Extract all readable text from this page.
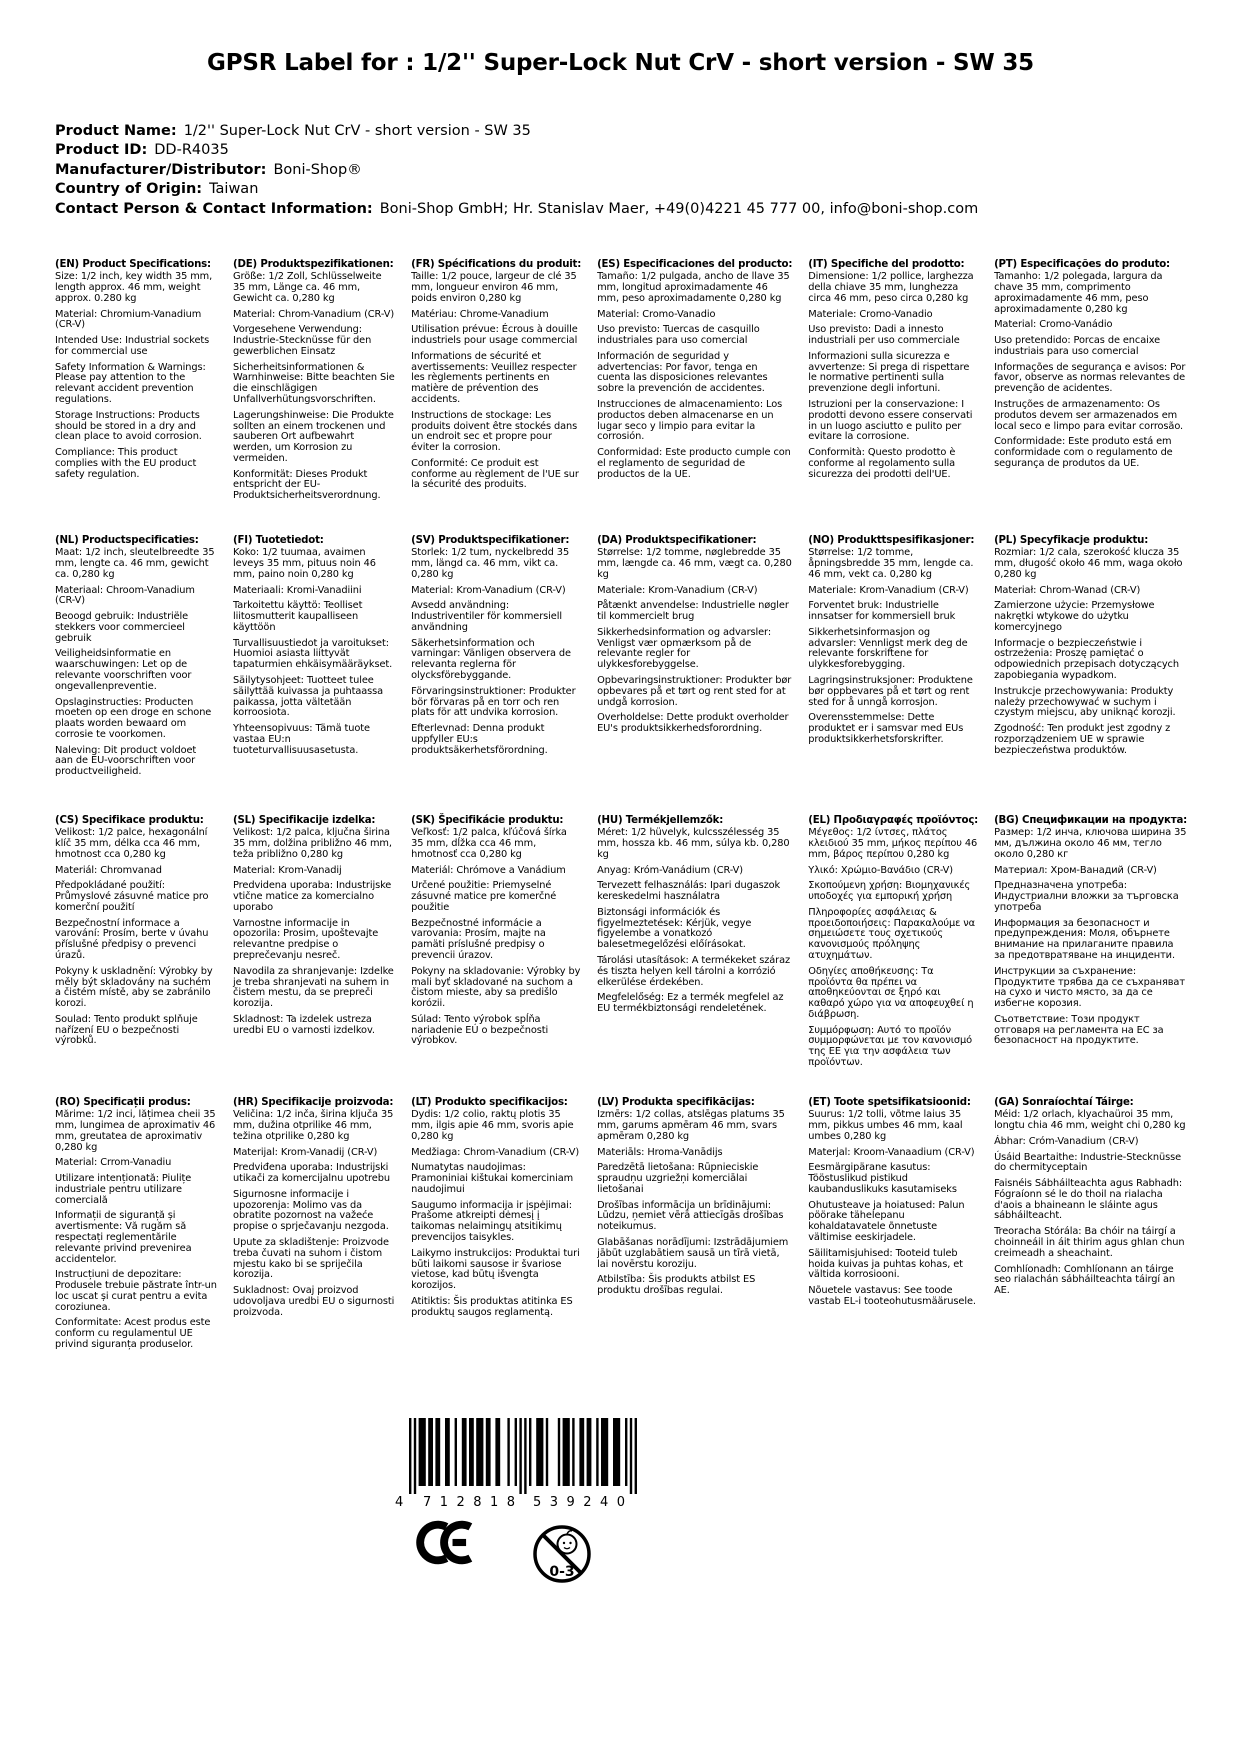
GPSR Label for : 1/2'' Super-Lock Nut CrV - short version - SW 35
Product Name: 1/2'' Super-Lock Nut CrV - short version - SW 35
Product ID: DD-R4035
Manufacturer/Distributor: Boni-Shop®
Country of Origin: Taiwan
Contact Person & Contact Information: Boni-Shop GmbH; Hr. Stanislav Maer, +49(0)4221 45 777 00, info@boni-shop.com
(EN) Product Specifications:
Size: 1/2 inch, key width 35 mm, length approx. 46 mm, weight approx. 0.280 kg
Material: Chromium-Vanadium (CR-V)
Intended Use: Industrial sockets for commercial use
Safety Information & Warnings: Please pay attention to the relevant accident prevention regulations.
Storage Instructions: Products should be stored in a dry and clean place to avoid corrosion.
Compliance: This product complies with the EU product safety regulation.
(DE) Produktspezifikationen:
Größe: 1/2 Zoll, Schlüsselweite 35 mm, Länge ca. 46 mm, Gewicht ca. 0,280 kg
Material: Chrom-Vanadium (CR-V)
Vorgesehene Verwendung: Industrie-Stecknüsse für den gewerblichen Einsatz
Sicherheitsinformationen & Warnhinweise: Bitte beachten Sie die einschlägigen Unfallverhütungsvorschriften.
Lagerungshinweise: Die Produkte sollten an einem trockenen und sauberen Ort aufbewahrt werden, um Korrosion zu vermeiden.
Konformität: Dieses Produkt entspricht der EU-Produktsicherheitsverordnung.
(FR) Spécifications du produit:
Taille: 1/2 pouce, largeur de clé 35 mm, longueur environ 46 mm, poids environ 0,280 kg
Matériau: Chrome-Vanadium
Utilisation prévue: Écrous à douille industriels pour usage commercial
Informations de sécurité et avertissements: Veuillez respecter les règlements pertinents en matière de prévention des accidents.
Instructions de stockage: Les produits doivent être stockés dans un endroit sec et propre pour éviter la corrosion.
Conformité: Ce produit est conforme au règlement de l'UE sur la sécurité des produits.
(ES) Especificaciones del producto:
Tamaño: 1/2 pulgada, ancho de llave 35 mm, longitud aproximadamente 46 mm, peso aproximadamente 0,280 kg
Material: Cromo-Vanadio
Uso previsto: Tuercas de casquillo industriales para uso comercial
Información de seguridad y advertencias: Por favor, tenga en cuenta las disposiciones relevantes sobre la prevención de accidentes.
Instrucciones de almacenamiento: Los productos deben almacenarse en un lugar seco y limpio para evitar la corrosión.
Conformidad: Este producto cumple con el reglamento de seguridad de productos de la UE.
(IT) Specifiche del prodotto:
Dimensione: 1/2 pollice, larghezza della chiave 35 mm, lunghezza circa 46 mm, peso circa 0,280 kg
Materiale: Cromo-Vanadio
Uso previsto: Dadi a innesto industriali per uso commerciale
Informazioni sulla sicurezza e avvertenze: Si prega di rispettare le normative pertinenti sulla prevenzione degli infortuni.
Istruzioni per la conservazione: I prodotti devono essere conservati in un luogo asciutto e pulito per evitare la corrosione.
Conformità: Questo prodotto è conforme al regolamento sulla sicurezza dei prodotti dell'UE.
(PT) Especificações do produto:
Tamanho: 1/2 polegada, largura da chave 35 mm, comprimento aproximadamente 46 mm, peso aproximadamente 0,280 kg
Material: Cromo-Vanádio
Uso pretendido: Porcas de encaixe industriais para uso comercial
Informações de segurança e avisos: Por favor, observe as normas relevantes de prevenção de acidentes.
Instruções de armazenamento: Os produtos devem ser armazenados em local seco e limpo para evitar corrosão.
Conformidade: Este produto está em conformidade com o regulamento de segurança de produtos da UE.
(NL) Productspecificaties:
Maat: 1/2 inch, sleutelbreedte 35 mm, lengte ca. 46 mm, gewicht ca. 0,280 kg
Materiaal: Chroom-Vanadium (CR-V)
Beoogd gebruik: Industriële stekkers voor commercieel gebruik
Veiligheidsinformatie en waarschuwingen: Let op de relevante voorschriften voor ongevallenpreventie.
Opslaginstructies: Producten moeten op een droge en schone plaats worden bewaard om corrosie te voorkomen.
Naleving: Dit product voldoet aan de EU-voorschriften voor productveiligheid.
(FI) Tuotetiedot:
Koko: 1/2 tuumaa, avaimen leveys 35 mm, pituus noin 46 mm, paino noin 0,280 kg
Materiaali: Kromi-Vanadiini
Tarkoitettu käyttö: Teolliset liitosmutterit kaupalliseen käyttöön
Turvallisuustiedot ja varoitukset: Huomioi asiasta liittyvät tapaturmien ehkäisymääräykset.
Säilytysohjeet: Tuotteet tulee säilyttää kuivassa ja puhtaassa paikassa, jotta vältetään korroosiota.
Yhteensopivuus: Tämä tuote vastaa EU:n tuoteturvallisuusasetusta.
(SV) Produktspecifikationer:
Storlek: 1/2 tum, nyckelbredd 35 mm, längd ca. 46 mm, vikt ca. 0,280 kg
Material: Krom-Vanadium (CR-V)
Avsedd användning: Industriventiler för kommersiell användning
Säkerhetsinformation och varningar: Vänligen observera de relevanta reglerna för olycksförebyggande.
Förvaringsinstruktioner: Produkter bör förvaras på en torr och ren plats för att undvika korrosion.
Efterlevnad: Denna produkt uppfyller EU:s produktsäkerhetsförordning.
(DA) Produktspecifikationer:
Størrelse: 1/2 tomme, nøglebredde 35 mm, længde ca. 46 mm, vægt ca. 0,280 kg
Materiale: Krom-Vanadium (CR-V)
Påtænkt anvendelse: Industrielle nøgler til kommercielt brug
Sikkerhedsinformation og advarsler: Venligst vær opmærksom på de relevante regler for ulykkesforebyggelse.
Opbevaringsinstruktioner: Produkter bør opbevares på et tørt og rent sted for at undgå korrosion.
Overholdelse: Dette produkt overholder EU's produktsikkerhedsforordning.
(NO) Produkttspesifikasjoner:
Størrelse: 1/2 tomme, åpningsbredde 35 mm, lengde ca. 46 mm, vekt ca. 0,280 kg
Materiale: Krom-Vanadium (CR-V)
Forventet bruk: Industrielle innsatser for kommersiell bruk
Sikkerhetsinformasjon og advarsler: Vennligst merk deg de relevante forskriftene for ulykkesforebygging.
Lagringsinstruksjoner: Produktene bør oppbevares på et tørt og rent sted for å unngå korrosjon.
Overensstemmelse: Dette produktet er i samsvar med EUs produktsikkerhetsforskrifter.
(PL) Specyfikacje produktu:
Rozmiar: 1/2 cala, szerokość klucza 35 mm, długość około 46 mm, waga około 0,280 kg
Materiał: Chrom-Wanad (CR-V)
Zamierzone użycie: Przemysłowe nakrętki wtykowe do użytku komercyjnego
Informacje o bezpieczeństwie i ostrzeżenia: Proszę pamiętać o odpowiednich przepisach dotyczących zapobiegania wypadkom.
Instrukcje przechowywania: Produkty należy przechowywać w suchym i czystym miejscu, aby uniknąć korozji.
Zgodność: Ten produkt jest zgodny z rozporządzeniem UE w sprawie bezpieczeństwa produktów.
(CS) Specifikace produktu:
Velikost: 1/2 palce, hexagonální klíč 35 mm, délka cca 46 mm, hmotnost cca 0,280 kg
Materiál: Chromvanad
Předpokládané použití: Průmyslové zásuvné matice pro komerční použití
Bezpečnostní informace a varování: Prosím, berte v úvahu příslušné předpisy o prevenci úrazů.
Pokyny k uskladnění: Výrobky by měly být skladovány na suchém a čistém místě, aby se zabránilo korozi.
Soulad: Tento produkt splňuje nařízení EU o bezpečnosti výrobků.
(SL) Specifikacije izdelka:
Velikost: 1/2 palca, ključna širina 35 mm, dolžina približno 46 mm, teža približno 0,280 kg
Material: Krom-Vanadij
Predvidena uporaba: Industrijske vtične matice za komercialno uporabo
Varnostne informacije in opozorila: Prosim, upoštevajte relevantne predpise o preprečevanju nesreč.
Navodila za shranjevanje: Izdelke je treba shranjevati na suhem in čistem mestu, da se prepreči korozija.
Skladnost: Ta izdelek ustreza uredbi EU o varnosti izdelkov.
(SK) Špecifikácie produktu:
Veľkosť: 1/2 palca, kľúčová šírka 35 mm, dĺžka cca 46 mm, hmotnosť cca 0,280 kg
Materiál: Chrómove a Vanádium
Určené použitie: Priemyselné zásuvné matice pre komerčné použitie
Bezpečnostné informácie a varovania: Prosím, majte na pamäti príslušné predpisy o prevencii úrazov.
Pokyny na skladovanie: Výrobky by mali byť skladované na suchom a čistom mieste, aby sa predišlo korózii.
Súlad: Tento výrobok spĺňa nariadenie EÚ o bezpečnosti výrobkov.
(HU) Termékjellemzők:
Méret: 1/2 hüvelyk, kulcsszélesség 35 mm, hossza kb. 46 mm, súlya kb. 0,280 kg
Anyag: Króm-Vanádium (CR-V)
Tervezett felhasználás: Ipari dugaszok kereskedelmi használatra
Biztonsági információk és figyelmeztetések: Kérjük, vegye figyelembe a vonatkozó balesetmegelőzési előírásokat.
Tárolási utasítások: A termékeket száraz és tiszta helyen kell tárolni a korrózió elkerülése érdekében.
Megfelelőség: Ez a termék megfelel az EU termékbiztonsági rendeletének.
(EL) Προδιαγραφές προϊόντος:
Μέγεθος: 1/2 ίντσες, πλάτος κλειδιού 35 mm, μήκος περίπου 46 mm, βάρος περίπου 0,280 kg
Υλικό: Χρώμιο-Βανάδιο (CR-V)
Σκοπούμενη χρήση: Βιομηχανικές υποδοχές για εμπορική χρήση
Πληροφορίες ασφάλειας & προειδοποιήσεις: Παρακαλούμε να σημειώσετε τους σχετικούς κανονισμούς πρόληψης ατυχημάτων.
Οδηγίες αποθήκευσης: Τα προϊόντα θα πρέπει να αποθηκεύονται σε ξηρό και καθαρό χώρο για να αποφευχθεί η διάβρωση.
Συμμόρφωση: Αυτό το προϊόν συμμορφώνεται με τον κανονισμό της ΕΕ για την ασφάλεια των προϊόντων.
(BG) Спецификации на продукта:
Размер: 1/2 инча, ключова ширина 35 мм, дължина около 46 мм, тегло около 0,280 кг
Материал: Хром-Ванадий (CR-V)
Предназначена употреба: Индустриални вложки за търговска употреба
Информация за безопасност и предупреждения: Моля, обърнете внимание на прилаганите правила за предотвратяване на инциденти.
Инструкции за съхранение: Продуктите трябва да се съхраняват на сухо и чисто място, за да се избегне корозия.
Съответствие: Този продукт отговаря на регламента на ЕС за безопасност на продуктите.
(RO) Specificații produs:
Mărime: 1/2 inci, lățimea cheii 35 mm, lungimea de aproximativ 46 mm, greutatea de aproximativ 0,280 kg
Material: Crrom-Vanadiu
Utilizare intenționată: Piulițe industriale pentru utilizare comercială
Informații de siguranță și avertismente: Vă rugăm să respectați reglementările relevante privind prevenirea accidentelor.
Instrucțiuni de depozitare: Produsele trebuie păstrate într-un loc uscat și curat pentru a evita coroziunea.
Conformitate: Acest produs este conform cu regulamentul UE privind siguranța produselor.
(HR) Specifikacije proizvoda:
Veličina: 1/2 inča, širina ključa 35 mm, dužina otprilike 46 mm, težina otprilike 0,280 kg
Materijal: Krom-Vanadij (CR-V)
Predviđena uporaba: Industrijski utikači za komercijalnu upotrebu
Sigurnosne informacije i upozorenja: Molimo vas da obratite pozornost na važeće propise o sprječavanju nezgoda.
Upute za skladištenje: Proizvode treba čuvati na suhom i čistom mjestu kako bi se spriječila korozija.
Sukladnost: Ovaj proizvod udovoljava uredbi EU o sigurnosti proizvoda.
(LT) Produkto specifikacijos:
Dydis: 1/2 colio, raktų plotis 35 mm, ilgis apie 46 mm, svoris apie 0,280 kg
Medžiaga: Chrom-Vanadium (CR-V)
Numatytas naudojimas: Pramoniniai kištukai komerciniam naudojimui
Saugumo informacija ir įspėjimai: Prašome atkreipti dėmesį į taikomas nelaimingų atsitikimų prevencijos taisykles.
Laikymo instrukcijos: Produktai turi būti laikomi sausose ir švariose vietose, kad būtų išvengta korozijos.
Atitiktis: Šis produktas atitinka ES produktų saugos reglamentą.
(LV) Produkta specifikācijas:
Izmērs: 1/2 collas, atslēgas platums 35 mm, garums apmēram 46 mm, svars apmēram 0,280 kg
Materiāls: Hroma-Vanādijs
Paredzētā lietošana: Rūpnieciskie spraudņu uzgriežņi komerciālai lietošanai
Drošības informācija un brīdinājumi: Lūdzu, ņemiet vērā attiecīgās drošības noteikumus.
Glabāšanas norādījumi: Izstrādājumiem jābūt uzglabātiem sausā un tīrā vietā, lai novērstu koroziju.
Atbilstība: Šis produkts atbilst ES produktu drošības regulai.
(ET) Toote spetsifikatsioonid:
Suurus: 1/2 tolli, võtme laius 35 mm, pikkus umbes 46 mm, kaal umbes 0,280 kg
Materjal: Kroom-Vanaadium (CR-V)
Eesmärgipärane kasutus: Tööstuslikud pistikud kaubanduslikuks kasutamiseks
Ohutusteave ja hoiatused: Palun pöörake tähelepanu kohaldatavatele õnnetuste vältimise eeskirjadele.
Säilitamisjuhised: Tooteid tuleb hoida kuivas ja puhtas kohas, et vältida korrosiooni.
Nõuetele vastavus: See toode vastab EL-i tooteohutusmäärusele.
(GA) Sonraíochtaí Táirge:
Méid: 1/2 orlach, klyachaüroi 35 mm, longtu chia 46 mm, weight chi 0,280 kg
Ábhar: Cróm-Vanadium (CR-V)
Úsáid Beartaithe: Industrie-Stecknüsse do chermityceptain
Faisnéis Sábháilteachta agus Rabhadh: Fógraíonn sé le do thoil na rialacha d'aois a bhaineann le sláinte agus sábháilteacht.
Treoracha Stórála: Ba chóir na táirgí a choinneáil in áit thirim agus ghlan chun creimeadh a sheachaint.
Comhlíonadh: Comhlíonann an táirge seo rialachán sábháilteachta táirgí an AE.
4 712818 539240
0-3
